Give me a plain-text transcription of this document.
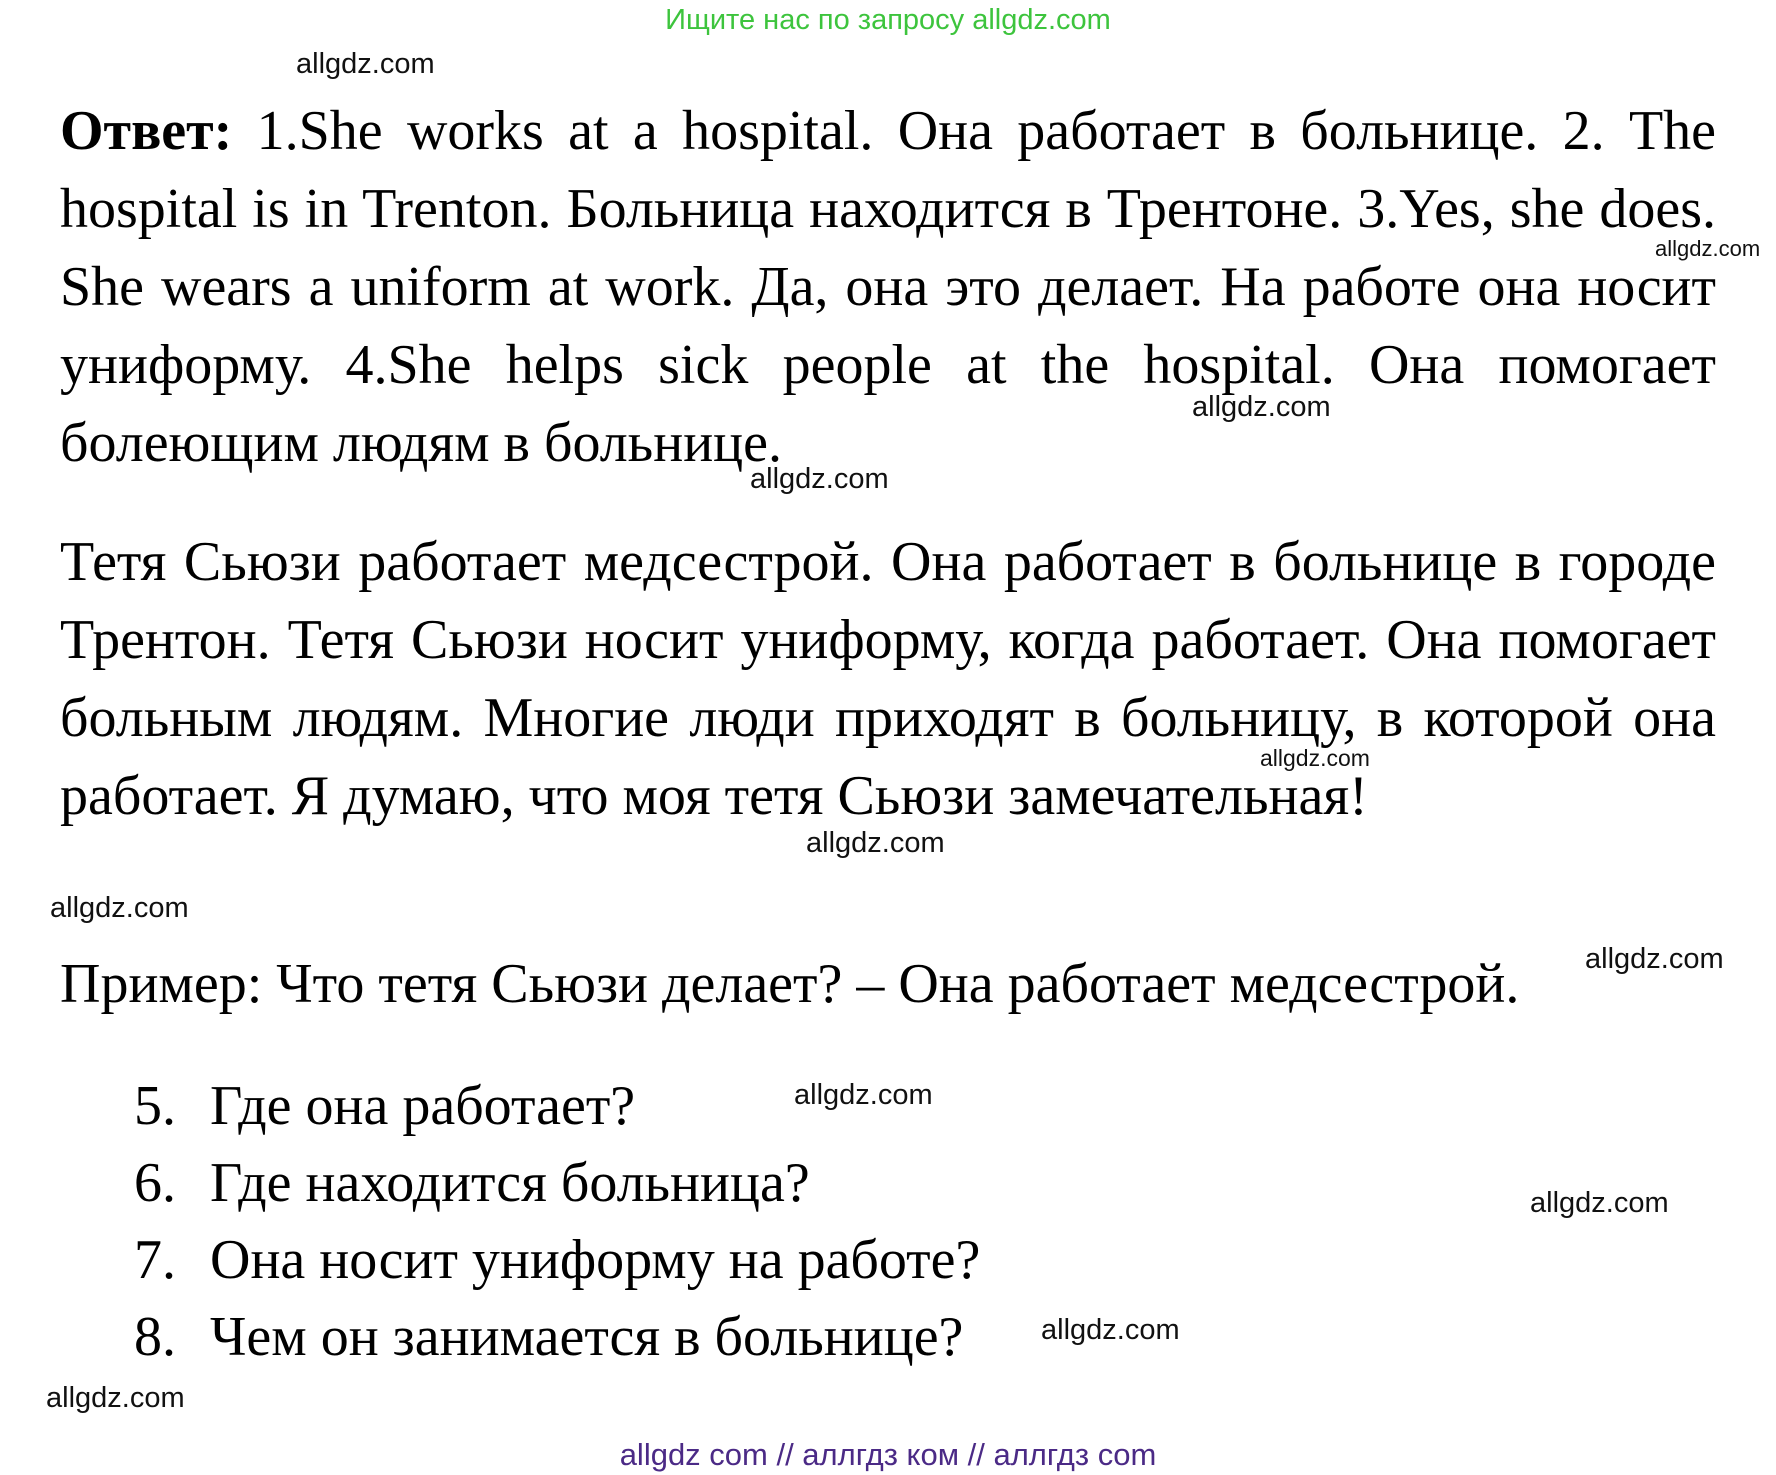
Ищите нас по запросу allgdz.com

Ответ: 1.She works at a hospital. Она работает в больнице. 2. The hospital is in Trenton. Больница находится в Трентоне. 3.Yes, she does. She wears a uniform at work. Да, она это делает. На работе она носит униформу. 4.She helps sick people at the hospital. Она помогает болеющим людям в больнице.

Тетя Сьюзи работает медсестрой. Она работает в больнице в городе Трентон. Тетя Сьюзи носит униформу, когда работает. Она помогает больным людям. Многие люди приходят в больницу, в которой она работает. Я думаю, что моя тетя Сьюзи замечательная!

Пример: Что тетя Сьюзи делает? – Она работает медсестрой.

5. Где она работает?
6. Где находится больница?
7. Она носит униформу на работе?
8. Чем он занимается в больнице?
allgdz.com
allgdz.com
allgdz.com
allgdz.com
allgdz.com
allgdz.com
allgdz.com
allgdz.com
allgdz.com
allgdz.com
allgdz.com
allgdz.com
allgdz com // аллгдз ком // аллгдз com
